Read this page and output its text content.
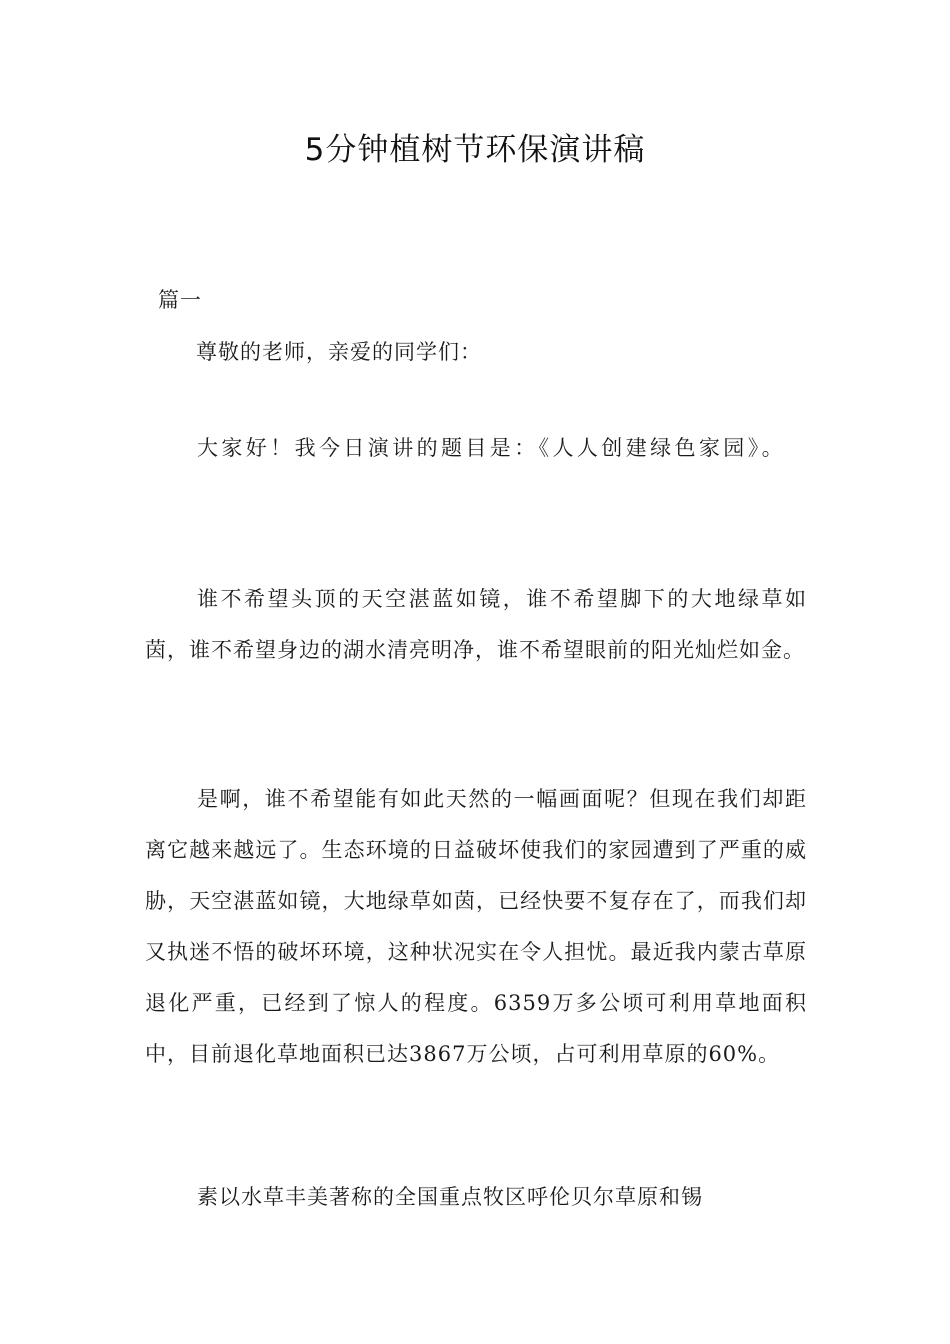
5分钟植树节环保演讲稿
篇一
尊敬的老师，亲爱的同学们：

大家好！我今日演讲的题目是：《人人创建绿色家园》。

谁不希望头顶的天空湛蓝如镜，谁不希望脚下的大地绿草如茵，谁不希望身边的湖水清亮明净，谁不希望眼前的阳光灿烂如金。

是啊，谁不希望能有如此天然的一幅画面呢？但现在我们却距离它越来越远了。生态环境的日益破坏使我们的家园遭到了严重的威胁，天空湛蓝如镜，大地绿草如茵，已经快要不复存在了，而我们却又执迷不悟的破坏环境，这种状况实在令人担忧。最近我内蒙古草原退化严重，已经到了惊人的程度。6359万多公顷可利用草地面积中，目前退化草地面积已达3867万公顷，占可利用草原的60%。

素以水草丰美著称的全国重点牧区呼伦贝尔草原和锡
